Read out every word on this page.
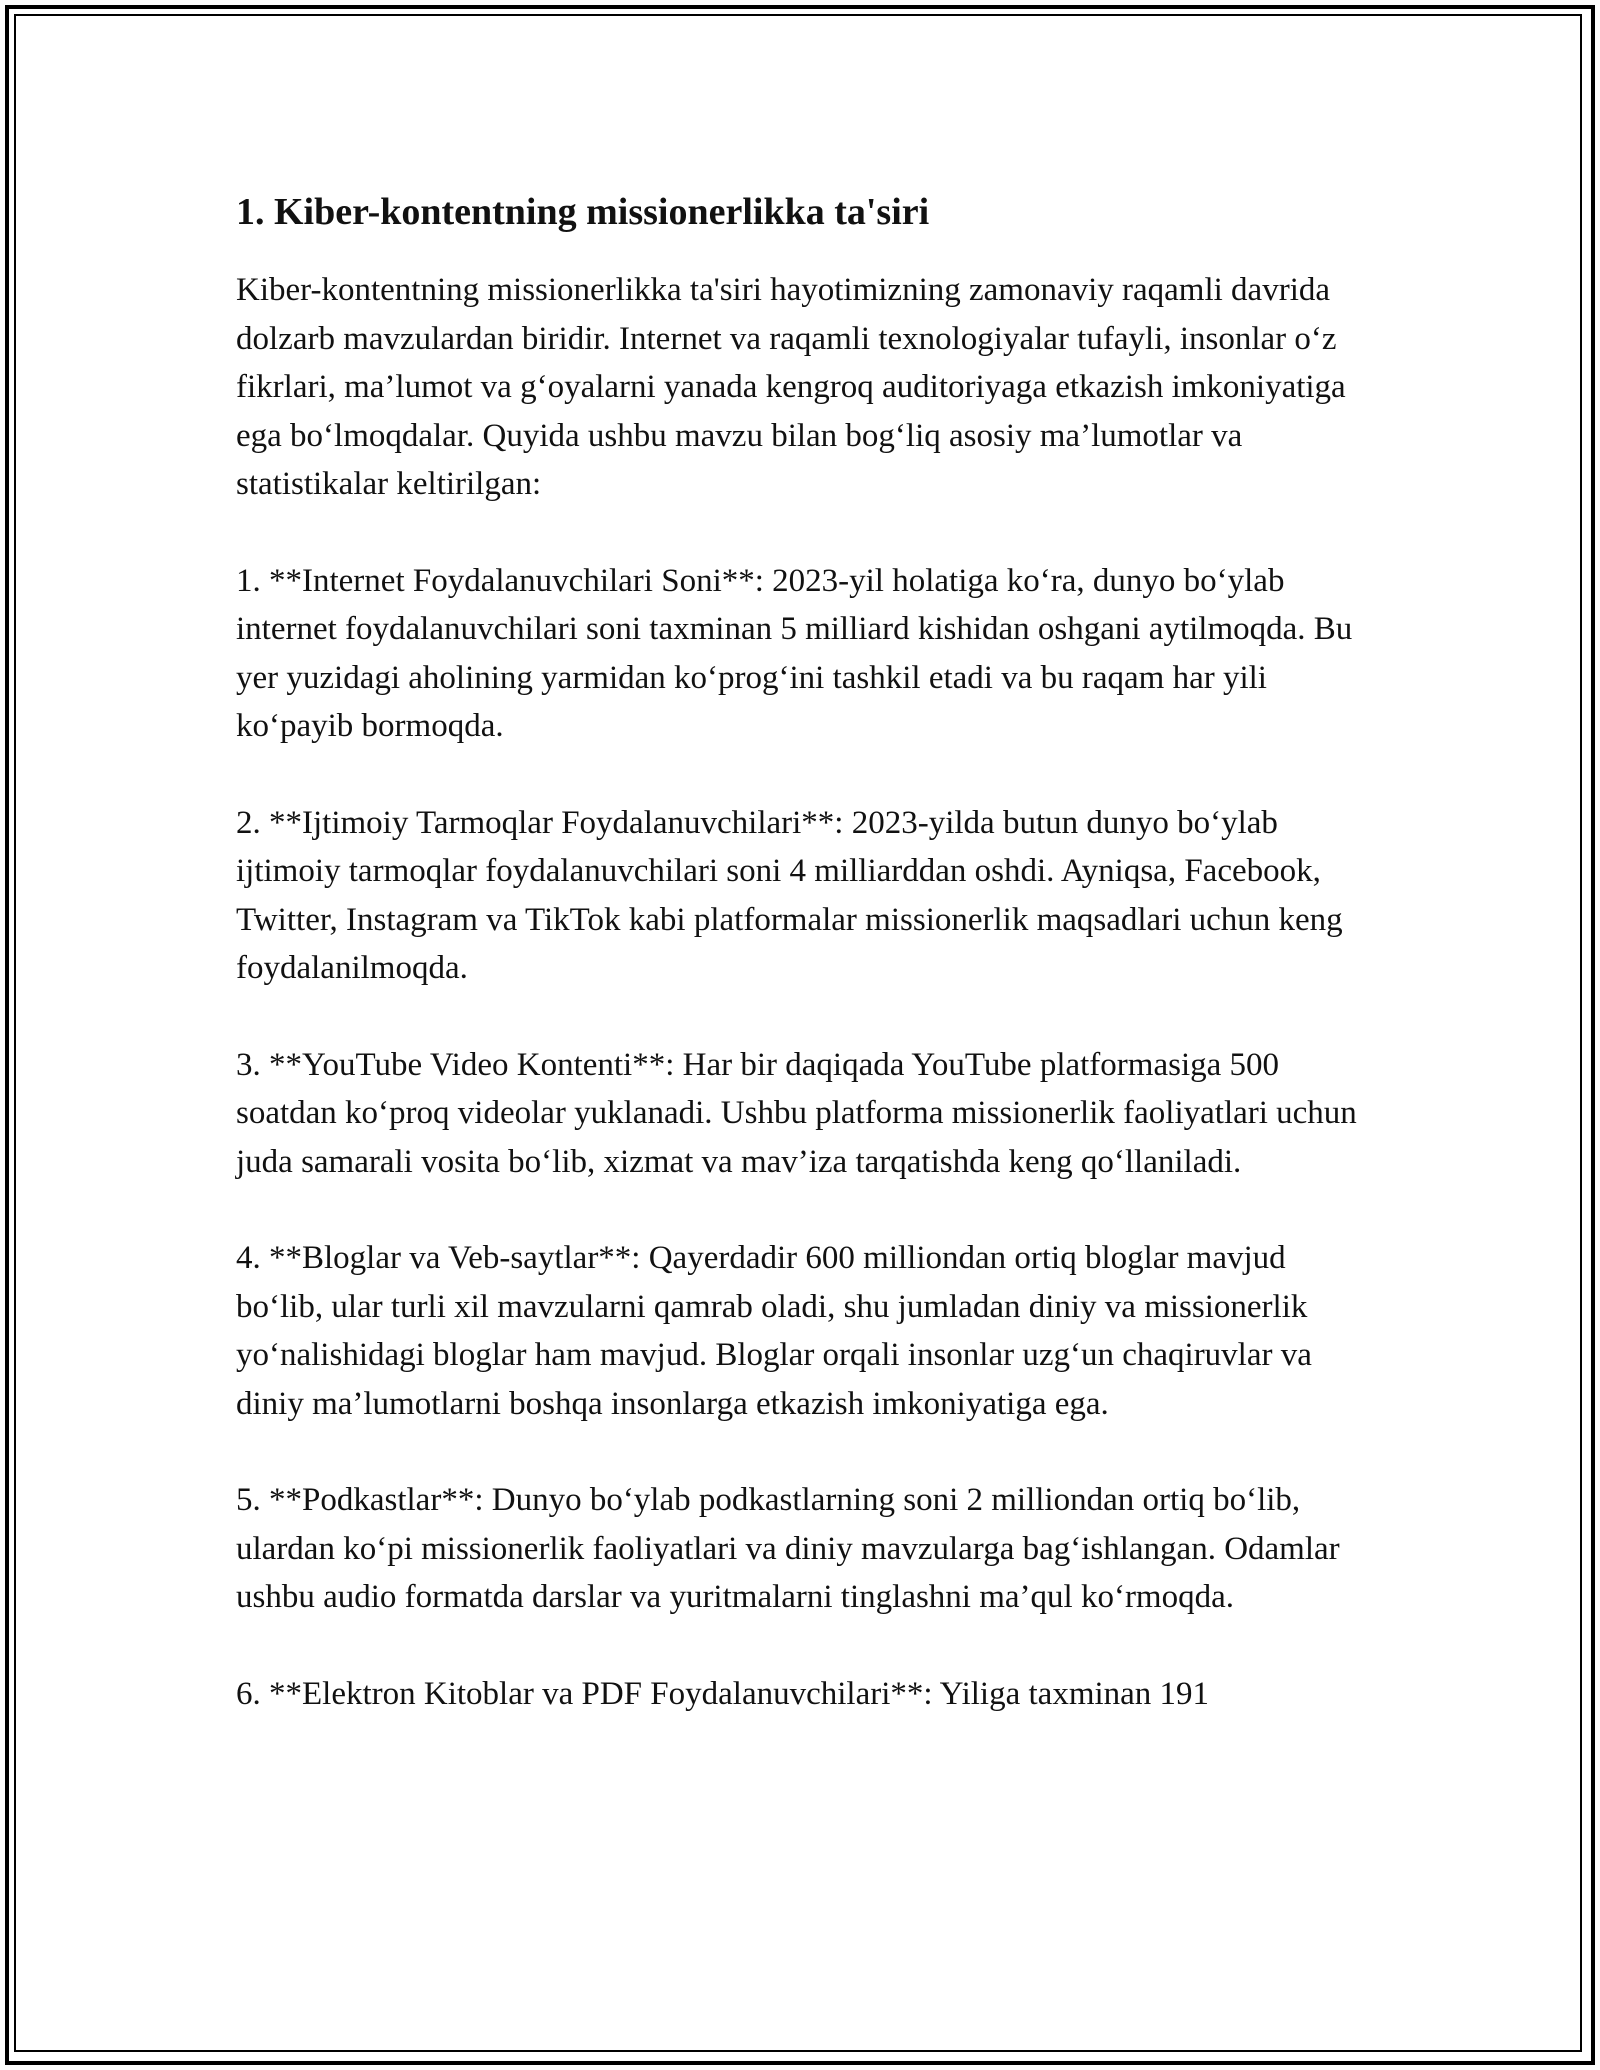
1. Kiber-kontentning missionerlikka ta'siri

Kiber-kontentning missionerlikka ta'siri hayotimizning zamonaviy raqamli davrida dolzarb mavzulardan biridir. Internet va raqamli texnologiyalar tufayli, insonlar o‘z fikrlari, ma’lumot va g‘oyalarni yanada kengroq auditoriyaga etkazish imkoniyatiga ega bo‘lmoqdalar. Quyida ushbu mavzu bilan bog‘liq asosiy ma’lumotlar va statistikalar keltirilgan:

1. **Internet Foydalanuvchilari Soni**: 2023-yil holatiga ko‘ra, dunyo bo‘ylab internet foydalanuvchilari soni taxminan 5 milliard kishidan oshgani aytilmoqda. Bu yer yuzidagi aholining yarmidan ko‘prog‘ini tashkil etadi va bu raqam har yili ko‘payib bormoqda.

2. **Ijtimoiy Tarmoqlar Foydalanuvchilari**: 2023-yilda butun dunyo bo‘ylab ijtimoiy tarmoqlar foydalanuvchilari soni 4 milliarddan oshdi. Ayniqsa, Facebook, Twitter, Instagram va TikTok kabi platformalar missionerlik maqsadlari uchun keng foydalanilmoqda.

3. **YouTube Video Kontenti**: Har bir daqiqada YouTube platformasiga 500 soatdan ko‘proq videolar yuklanadi. Ushbu platforma missionerlik faoliyatlari uchun juda samarali vosita bo‘lib, xizmat va mav’iza tarqatishda keng qo‘llaniladi.

4. **Bloglar va Veb-saytlar**: Qayerdadir 600 milliondan ortiq bloglar mavjud bo‘lib, ular turli xil mavzularni qamrab oladi, shu jumladan diniy va missionerlik yo‘nalishidagi bloglar ham mavjud. Bloglar orqali insonlar uzg‘un chaqiruvlar va diniy ma’lumotlarni boshqa insonlarga etkazish imkoniyatiga ega.

5. **Podkastlar**: Dunyo bo‘ylab podkastlarning soni 2 milliondan ortiq bo‘lib, ulardan ko‘pi missionerlik faoliyatlari va diniy mavzularga bag‘ishlangan. Odamlar ushbu audio formatda darslar va yuritmalarni tinglashni ma’qul ko‘rmoqda.

6. **Elektron Kitoblar va PDF Foydalanuvchilari**: Yiliga taxminan 191
